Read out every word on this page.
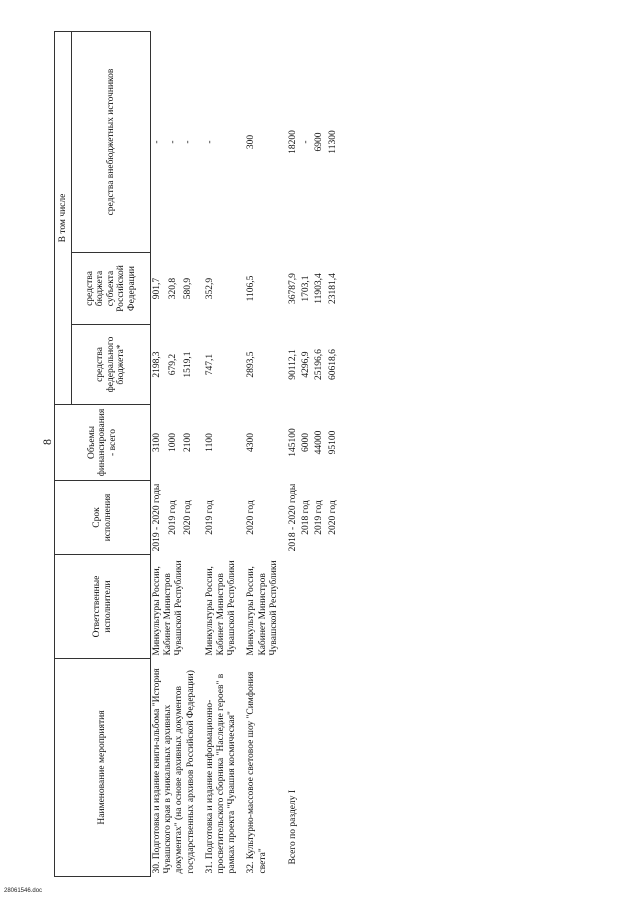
8
Наименование мероприятия	Ответственные исполнители	Срок исполнения	Объемы финансирования - всего	В том числе		
				средства федерального бюджета*	средства бюджета субъекта Российской Федерации	средства внебюджетных источников
30. Подготовка и издание книги-альбома "История Чувашского края в уникальных архивных документах" (на основе архивных документов государственных архивов Российской Федерации)	Минкультуры России, Кабинет Министров Чувашской Республики	2019 - 2020 годы	3100	2198,3	901,7	-
		2019 год	1000	679,2	320,8	-
		2020 год	2100	1519,1	580,9	-

31. Подготовка и издание информационно-просветительского сборника "Наследие героев" в рамках проекта "Чувашия космическая"	Минкультуры России, Кабинет Министров Чувашской Республики	2019 год	1100	747,1	352,9	-

32. Культурно-массовое световое шоу "Симфония света"	Минкультуры России, Кабинет Министров Чувашской Республики	2020 год	4300	2893,5	1106,5	300

Всего по разделу I		2018 - 2020 годы	145100	90112,1	36787,9	18200
		2018 год	6000	4296,9	1703,1	-
		2019 год	44000	25196,6	11903,4	6900
		2020 год	95100	60618,6	23181,4	11300
28061546.doc
